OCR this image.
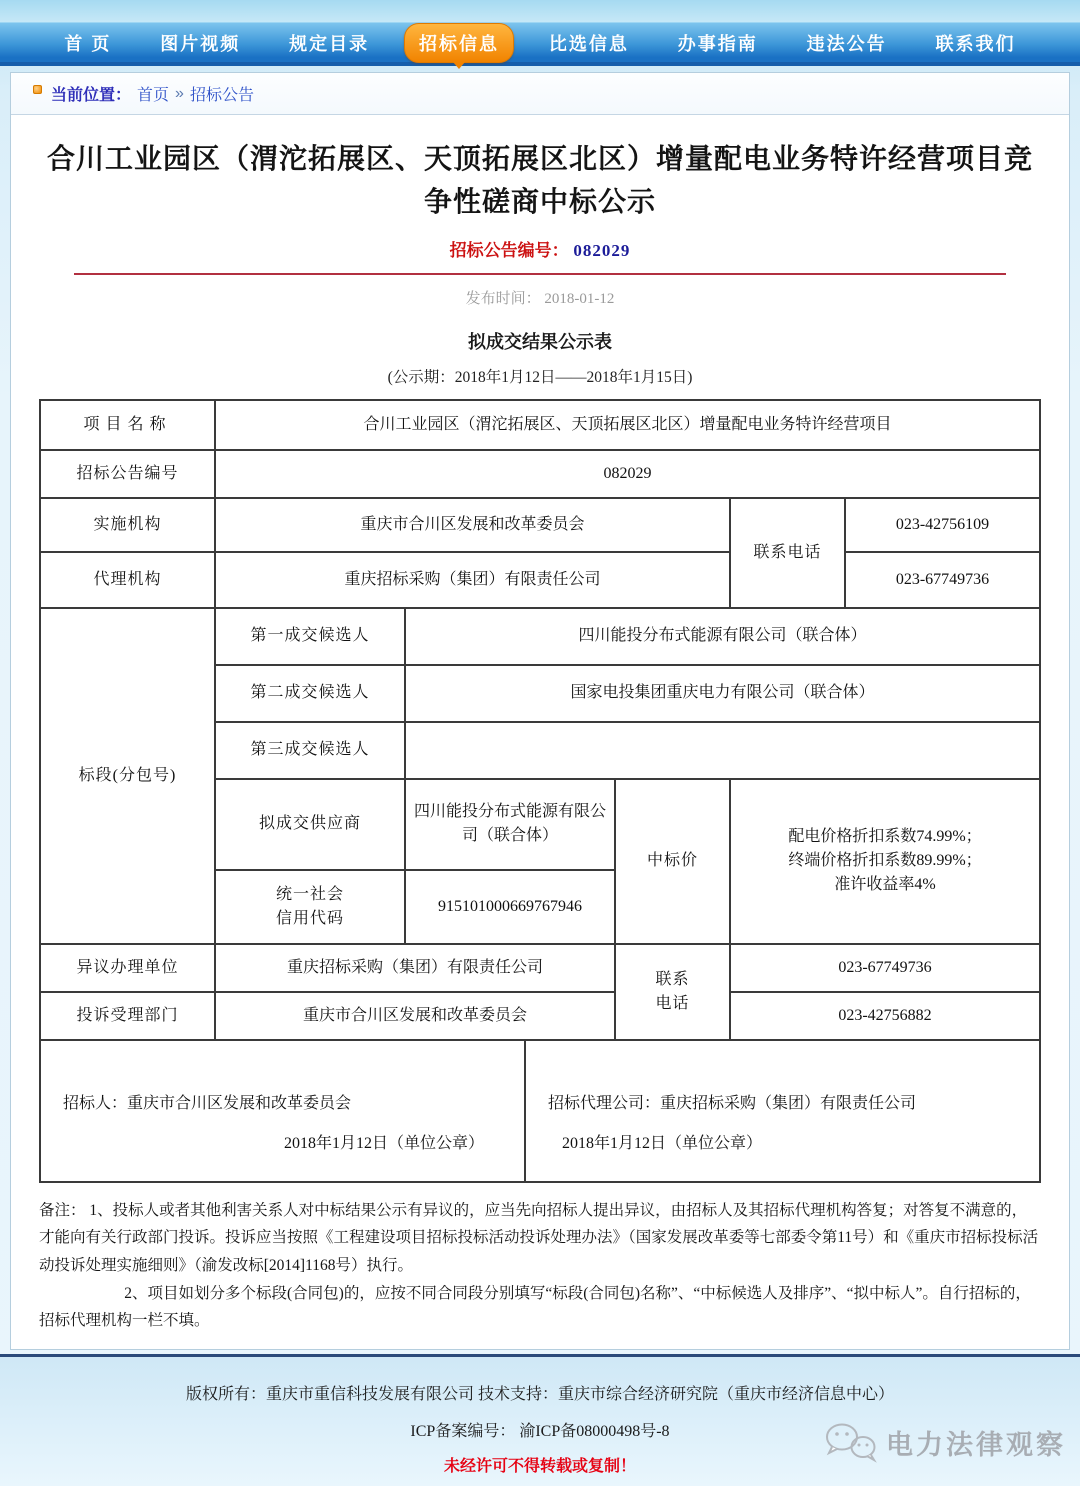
首 页	图片视频	规定目录	招标信息	比选信息	办事指南	违法公告	联系我们
当前位置： 首页 » 招标公告
合川工业园区（渭沱拓展区、天顶拓展区北区）增量配电业务特许经营项目竞争性磋商中标公示
招标公告编号： 082029
发布时间： 2018-01-12
拟成交结果公示表
(公示期：2018年1月12日——2018年1月15日)
项目名称	合川工业园区（渭沱拓展区、天顶拓展区北区）增量配电业务特许经营项目					
招标公告编号	082029					
实施机构	重庆市合川区发展和改革委员会				联系电话	023-42756109
代理机构	重庆招标采购（集团）有限责任公司					023-67749736
标段(分包号)	第一成交候选人	四川能投分布式能源有限公司（联合体）				
	第二成交候选人	国家电投集团重庆电力有限公司（联合体）				
	第三成交候选人					
	拟成交供应商	四川能投分布式能源有限公司（联合体）		中标价	配电价格折扣系数74.99%；
终端价格折扣系数89.99%；
准许收益率4%	

	统一社会
信用代码	915101000669767946				
异议办理单位	重庆招标采购（集团）有限责任公司			联系
电话	023-67749736	
投诉受理部门	重庆市合川区发展和改革委员会				023-42756882	

招标人：重庆市合川区发展和改革委员会
2018年1月12日（单位公章）

招标代理公司：重庆招标采购（集团）有限责任公司
2018年1月12日（单位公章）

备注： 1、投标人或者其他利害关系人对中标结果公示有异议的，应当先向招标人提出异议，由招标人及其招标代理机构答复；对答复不满意的，才能向有关行政部门投诉。投诉应当按照《工程建设项目招标投标活动投诉处理办法》（国家发展改革委等七部委令第11号）和《重庆市招标投标活动投诉处理实施细则》（渝发改标[2014]1168号）执行。

2、项目如划分多个标段(合同包)的，应按不同合同段分别填写“标段(合同包)名称”、“中标候选人及排序”、“拟中标人”。自行招标的，招标代理机构一栏不填。

版权所有：重庆市重信科技发展有限公司 技术支持：重庆市综合经济研究院（重庆市经济信息中心）
ICP备案编号： 渝ICP备08000498号-8
未经许可不得转载或复制！
电力法律观察
